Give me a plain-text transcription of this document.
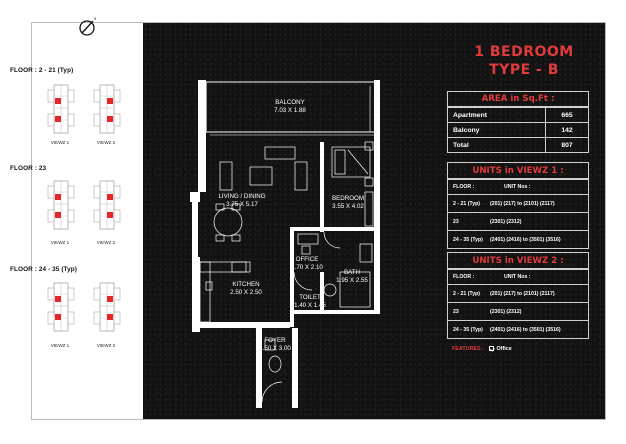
*
FLOOR : 2 - 21 (Typ)
FLOOR : 23
FLOOR : 24 - 35 (Typ)
VIEWZ 1	VIEWZ 2
VIEWZ 1	VIEWZ 2
VIEWZ 1	VIEWZ 2
BALCONY
7.03 X 1.88
LIVING / DINING
3.75 X 5.17
BEDROOM
3.55 X 4.02
OFFICE
1.70 X 2.10
BATH
1.95 X 2.55
KITCHEN
2.50 X 2.50
TOILET
1.40 X 1.45
FOYER
1.50 X 3.00
1 BEDROOM
TYPE - B
AREA in Sq.Ft :
Apartment	665
Balcony	142
Total	807
UNITS in VIEWZ 1 :
FLOOR :	UNIT Nos :
2 - 21 (Typ)	(201) (217) to (2101) (2117)
23	(2301) (2312)
24 - 35 (Typ)	(2401) (2416) to (3501) (3516)
UNITS in VIEWZ 2 :
FLOOR :	UNIT Nos :
2 - 21 (Typ)	(201) (217) to (2101) (2117)
23	(2301) (2312)
24 - 35 (Typ)	(2401) (2416) to (3501) (3516)
FEATURES : Office
